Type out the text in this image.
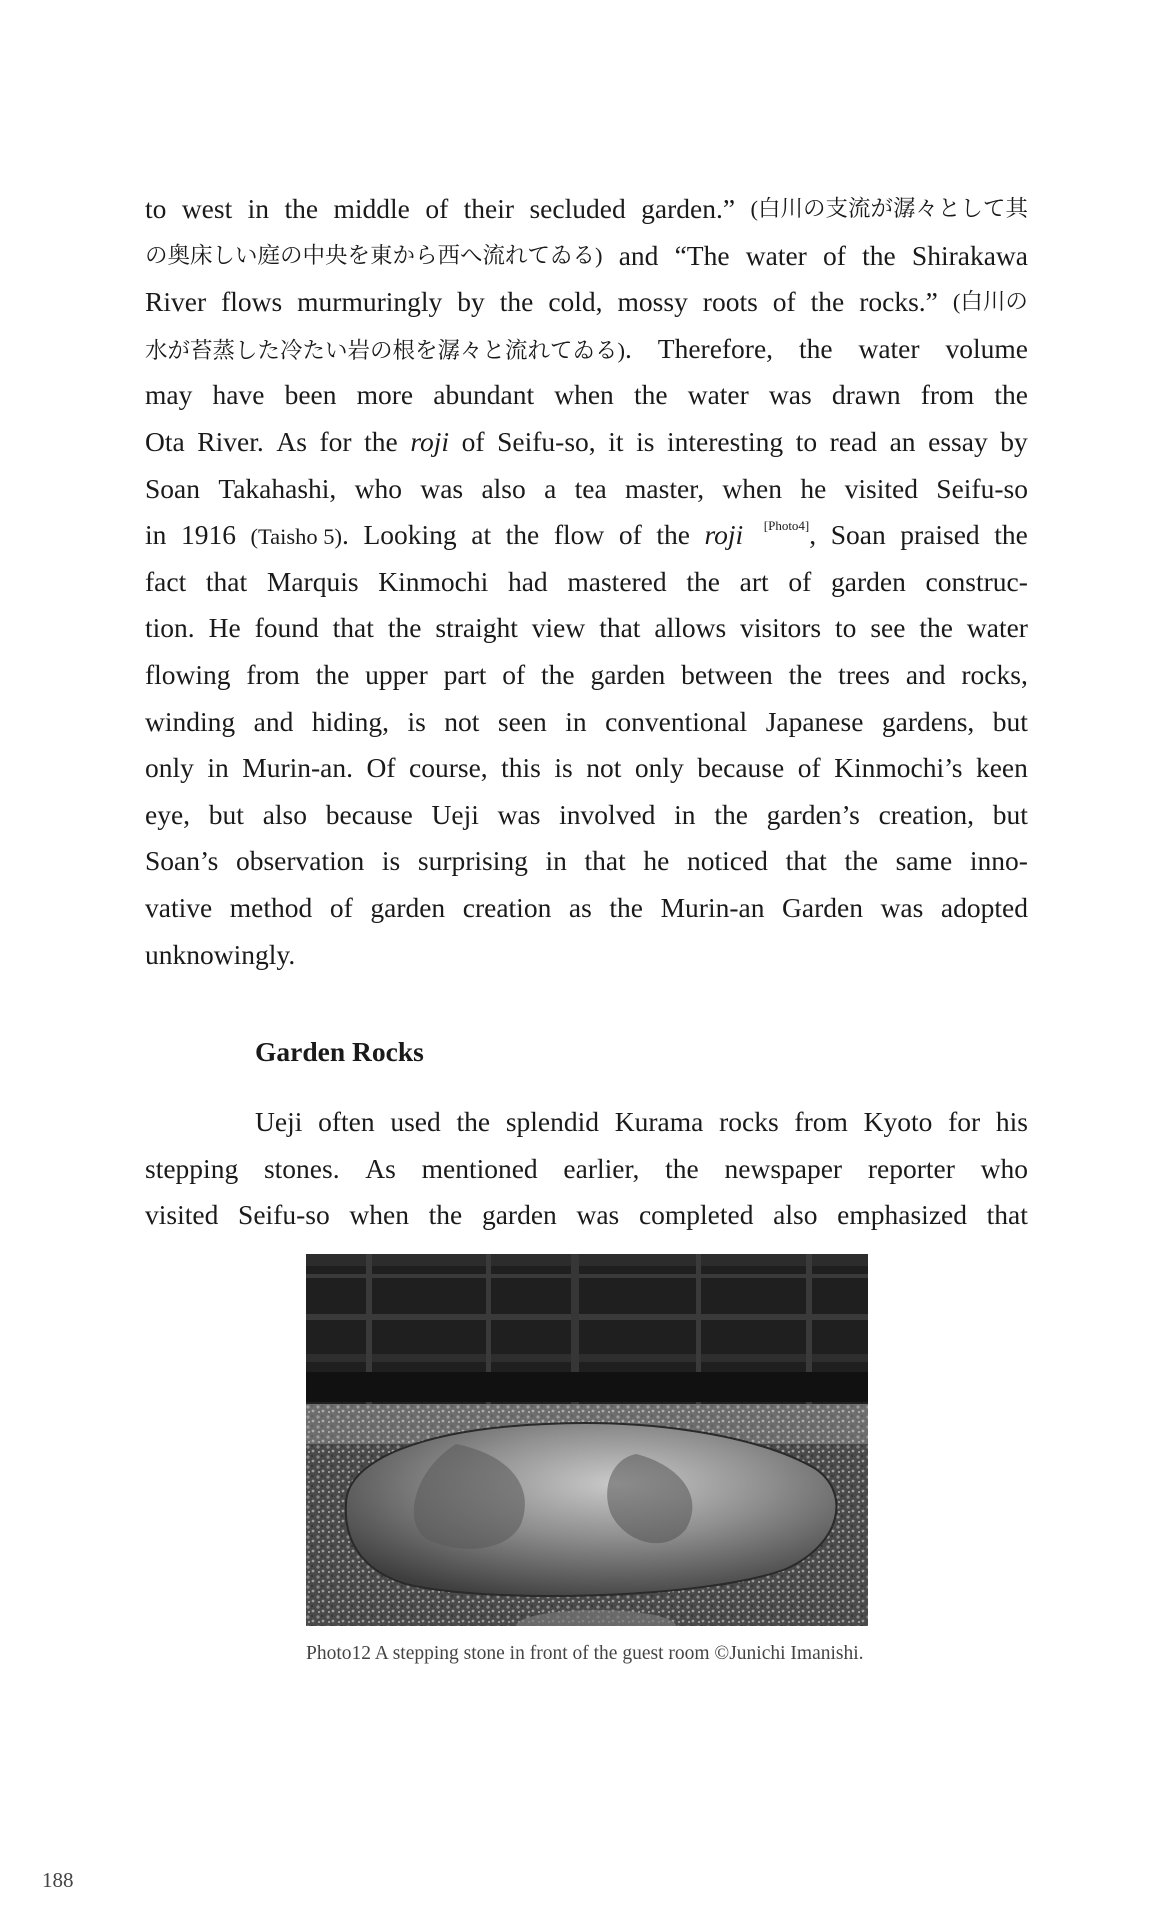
to west in the middle of their secluded garden.” (白川の支流が潺々として其
の奥床しい庭の中央を東から西へ流れてゐる) and “The water of the Shirakawa
River flows murmuringly by the cold, mossy roots of the rocks.” (白川の
水が苔蒸した冷たい岩の根を潺々と流れてゐる). Therefore, the water volume
may have been more abundant when the water was drawn from the
Ota River. As for the roji of Seifu-so, it is interesting to read an essay by
Soan Takahashi, who was also a tea master, when he visited Seifu-so
in 1916 (Taisho 5). Looking at the flow of the roji	[Photo4], Soan praised the
fact that Marquis Kinmochi had mastered the art of garden construc-
tion. He found that the straight view that allows visitors to see the water
flowing from the upper part of the garden between the trees and rocks,
winding and hiding, is not seen in conventional Japanese gardens, but
only in Murin-an. Of course, this is not only because of Kinmochi’s keen
eye, but also because Ueji was involved in the garden’s creation, but
Soan’s observation is surprising in that he noticed that the same inno-
vative method of garden creation as the Murin-an Garden was adopted
unknowingly.
Garden Rocks
Ueji often used the splendid Kurama rocks from Kyoto for his
stepping stones. As mentioned earlier, the newspaper reporter who
visited Seifu-so when the garden was completed also emphasized that
Photo12 A stepping stone in front of the guest room ©Junichi Imanishi.
188
